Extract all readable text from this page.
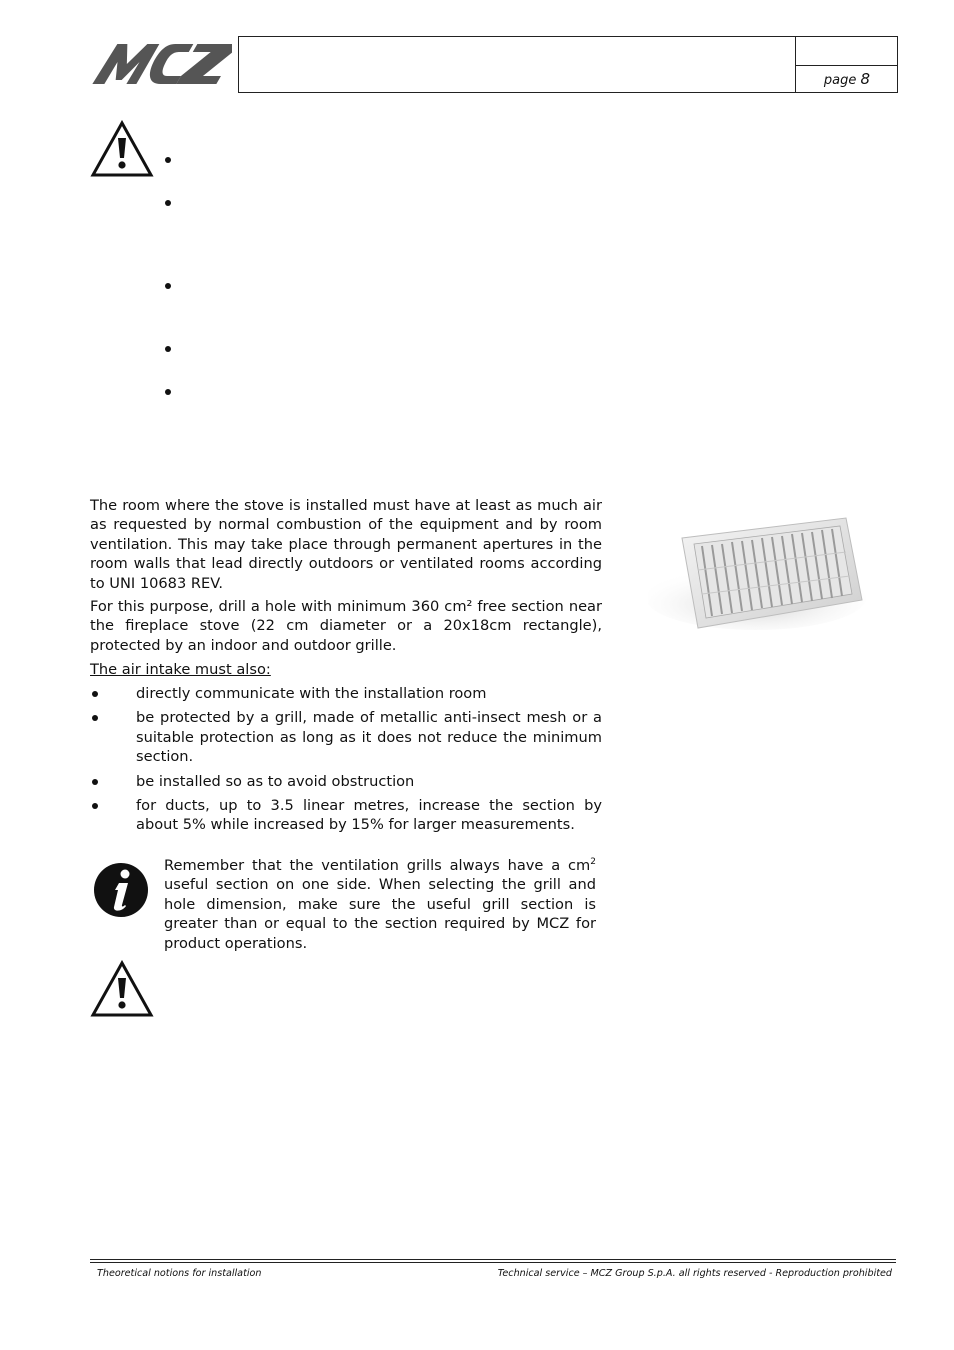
page 8

The room where the stove is installed must have at least as much air as requested by normal combustion of the equipment and by room ventilation. This may take place through permanent apertures in the room walls that lead directly outdoors or ventilated rooms according to UNI 10683 REV.

For this purpose, drill a hole with minimum 360 cm² free section near the fireplace stove (22 cm diameter or a 20x18cm rectangle), protected by an indoor and outdoor grille.

The air intake must also:
directly communicate with the installation room
be protected by a grill, made of metallic anti-insect mesh or a suitable protection as long as it does not reduce the minimum section.
be installed so as to avoid obstruction
for ducts, up to 3.5 linear metres, increase the section by about 5% while increased by 15% for larger measurements.

Remember that the ventilation grills always have a $cm^2$ useful section on one side. When selecting the grill and hole dimension, make sure the useful grill section is greater than or equal to the section required by MCZ for product operations.

Theoretical notions for installation	Technical service – MCZ Group S.p.A. all rights reserved - Reproduction prohibited
